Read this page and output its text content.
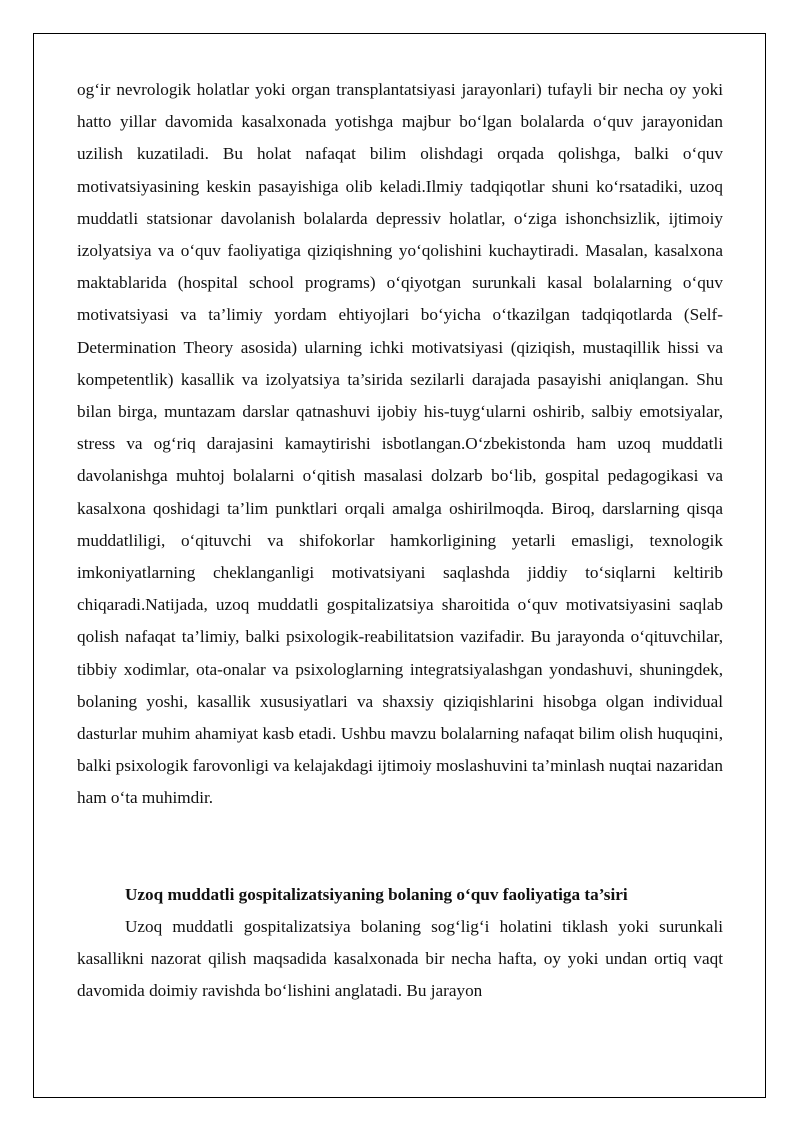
og‘ir nevrologik holatlar yoki organ transplantatsiyasi jarayonlari) tufayli bir necha oy yoki hatto yillar davomida kasalxonada yotishga majbur bo‘lgan bolalarda o‘quv jarayonidan uzilish kuzatiladi. Bu holat nafaqat bilim olishdagi orqada qolishga, balki o‘quv motivatsiyasining keskin pasayishiga olib keladi.Ilmiy tadqiqotlar shuni ko‘rsatadiki, uzoq muddatli statsionar davolanish bolalarda depressiv holatlar, o‘ziga ishonchsizlik, ijtimoiy izolyatsiya va o‘quv faoliyatiga qiziqishning yo‘qolishini kuchaytiradi. Masalan, kasalxona maktablarida (hospital school programs) o‘qiyotgan surunkali kasal bolalarning o‘quv motivatsiyasi va ta’limiy yordam ehtiyojlari bo‘yicha o‘tkazilgan tadqiqotlarda (Self-Determination Theory asosida) ularning ichki motivatsiyasi (qiziqish, mustaqillik hissi va kompetentlik) kasallik va izolyatsiya ta’sirida sezilarli darajada pasayishi aniqlangan. Shu bilan birga, muntazam darslar qatnashuvi ijobiy his-tuyg‘ularni oshirib, salbiy emotsiyalar, stress va og‘riq darajasini kamaytirishi isbotlangan.O‘zbekistonda ham uzoq muddatli davolanishga muhtoj bolalarni o‘qitish masalasi dolzarb bo‘lib, gospital pedagogikasi va kasalxona qoshidagi ta’lim punktlari orqali amalga oshirilmoqda. Biroq, darslarning qisqa muddatliligi, o‘qituvchi va shifokorlar hamkorligining yetarli emasligi, texnologik imkoniyatlarning cheklanganligi motivatsiyani saqlashda jiddiy to‘siqlarni keltirib chiqaradi.Natijada, uzoq muddatli gospitalizatsiya sharoitida o‘quv motivatsiyasini saqlab qolish nafaqat ta’limiy, balki psixologik-reabilitatsion vazifadir. Bu jarayonda o‘qituvchilar, tibbiy xodimlar, ota-onalar va psixologlarning integratsiyalashgan yondashuvi, shuningdek, bolaning yoshi, kasallik xususiyatlari va shaxsiy qiziqishlarini hisobga olgan individual dasturlar muhim ahamiyat kasb etadi. Ushbu mavzu bolalarning nafaqat bilim olish huquqini, balki psixologik farovonligi va kelajakdagi ijtimoiy moslashuvini ta’minlash nuqtai nazaridan ham o‘ta muhimdir.

Uzoq muddatli gospitalizatsiyaning bolaning o‘quv faoliyatiga ta’siri

Uzoq muddatli gospitalizatsiya bolaning sog‘lig‘i holatini tiklash yoki surunkali kasallikni nazorat qilish maqsadida kasalxonada bir necha hafta, oy yoki undan ortiq vaqt davomida doimiy ravishda bo‘lishini anglatadi. Bu jarayon
